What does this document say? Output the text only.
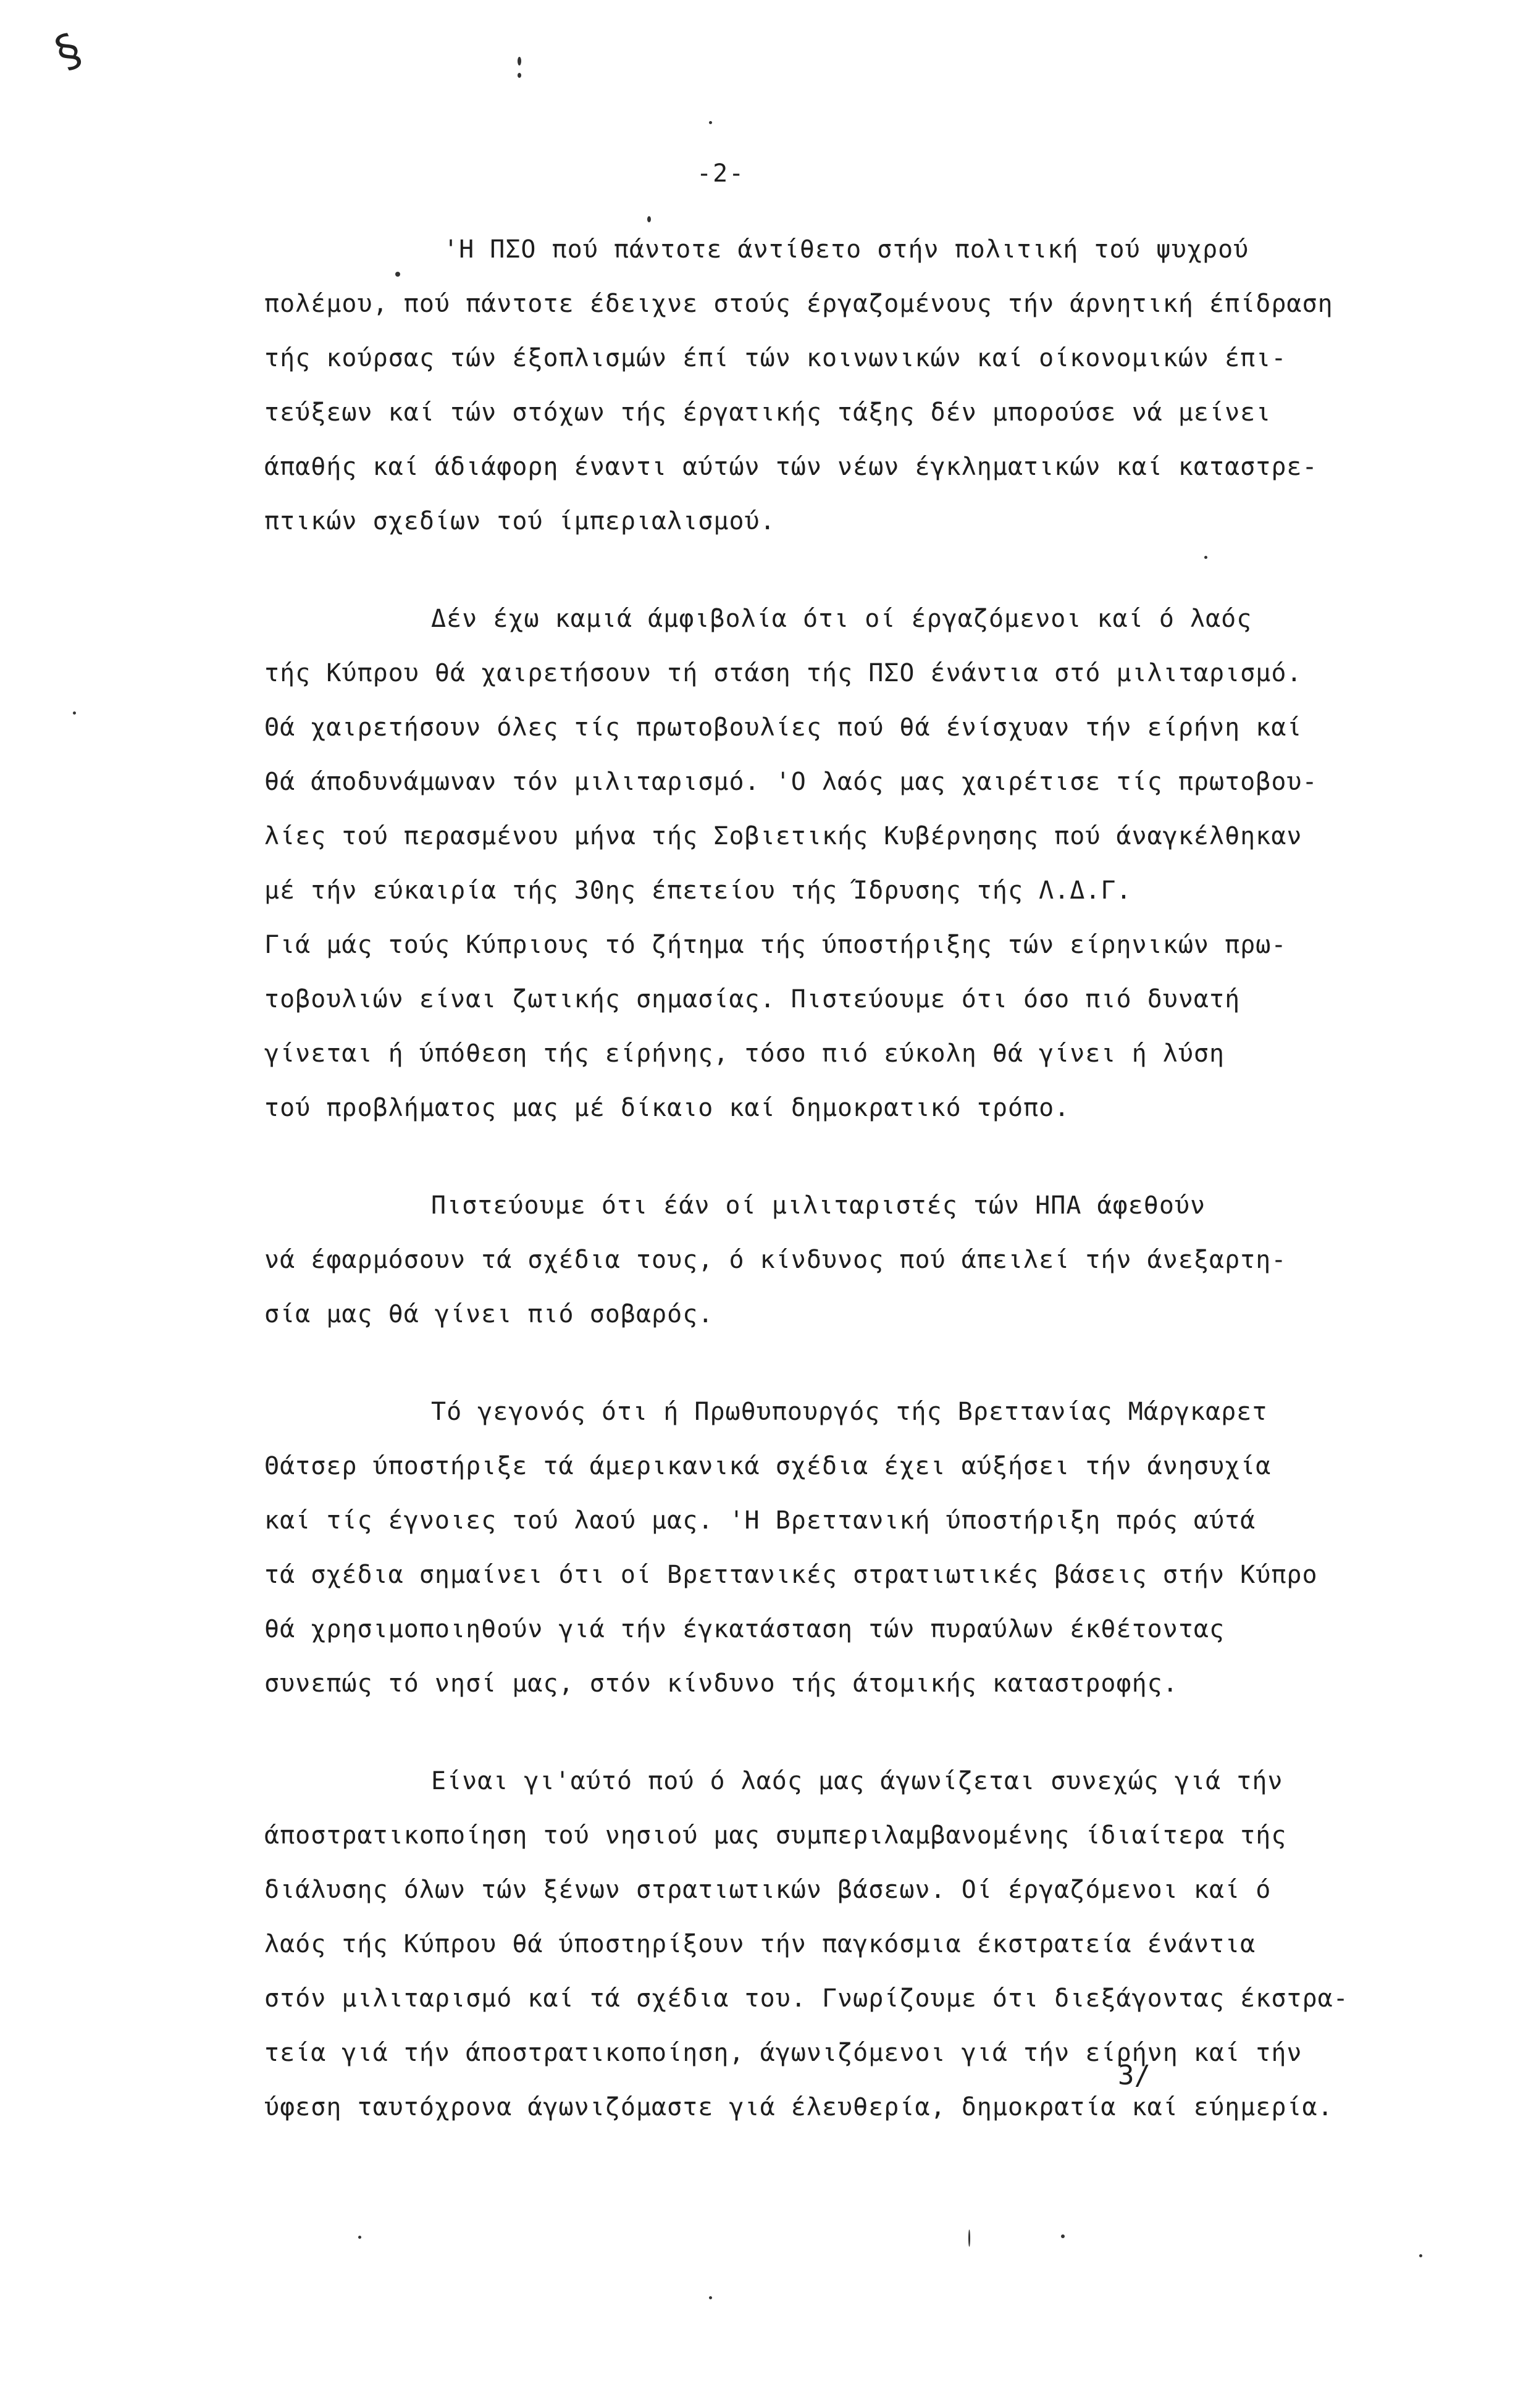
§
-2-

'Η ΠΣΟ πού πάντοτε άντίθετο στήν πολιτική τού ψυχρού
πολέμου, πού πάντοτε έδειχνε στούς έργαζομένους τήν άρνητική έπίδραση
τής κούρσας τών έξοπλισμών έπί τών κοινωνικών καί οίκονομικών έπι-
τεύξεων καί τών στόχων τής έργατικής τάξης δέν μπορούσε νά μείνει
άπαθής καί άδιάφορη έναντι αύτών τών νέων έγκληματικών καί καταστρε-
πτικών σχεδίων τού ίμπεριαλισμού.

Δέν έχω καμιά άμφιβολία ότι οί έργαζόμενοι καί ό λαός
τής Κύπρου θά χαιρετήσουν τή στάση τής ΠΣΟ ένάντια στό μιλιταρισμό.
Θά χαιρετήσουν όλες τίς πρωτοβουλίες πού θά ένίσχυαν τήν είρήνη καί
θά άποδυνάμωναν τόν μιλιταρισμό. 'Ο λαός μας χαιρέτισε τίς πρωτοβου-
λίες τού περασμένου μήνα τής Σοβιετικής Κυβέρνησης πού άναγκέλθηκαν
μέ τήν εύκαιρία τής 30ης έπετείου τής Ίδρυσης τής Λ.Δ.Γ.
Γιά μάς τούς Κύπριους τό ζήτημα τής ύποστήριξης τών είρηνικών πρω-
τοβουλιών είναι ζωτικής σημασίας. Πιστεύουμε ότι όσο πιό δυνατή
γίνεται ή ύπόθεση τής είρήνης, τόσο πιό εύκολη θά γίνει ή λύση
τού προβλήματος μας μέ δίκαιο καί δημοκρατικό τρόπο.

Πιστεύουμε ότι έάν οί μιλιταριστές τών ΗΠΑ άφεθούν
νά έφαρμόσουν τά σχέδια τους, ό κίνδυνος πού άπειλεί τήν άνεξαρτη-
σία μας θά γίνει πιό σοβαρός.

Τό γεγονός ότι ή Πρωθυπουργός τής Βρεττανίας Μάργκαρετ
Θάτσερ ύποστήριξε τά άμερικανικά σχέδια έχει αύξήσει τήν άνησυχία
καί τίς έγνοιες τού λαού μας. 'Η Βρεττανική ύποστήριξη πρός αύτά
τά σχέδια σημαίνει ότι οί Βρεττανικές στρατιωτικές βάσεις στήν Κύπρο
θά χρησιμοποιηθούν γιά τήν έγκατάσταση τών πυραύλων έκθέτοντας
συνεπώς τό νησί μας, στόν κίνδυνο τής άτομικής καταστροφής.

Είναι γι'αύτό πού ό λαός μας άγωνίζεται συνεχώς γιά τήν
άποστρατικοποίηση τού νησιού μας συμπεριλαμβανομένης ίδιαίτερα τής
διάλυσης όλων τών ξένων στρατιωτικών βάσεων. Οί έργαζόμενοι καί ό
λαός τής Κύπρου θά ύποστηρίξουν τήν παγκόσμια έκστρατεία ένάντια
στόν μιλιταρισμό καί τά σχέδια του. Γνωρίζουμε ότι διεξάγοντας έκστρα-
τεία γιά τήν άποστρατικοποίηση, άγωνιζόμενοι γιά τήν είρήνη καί τήν
ύφεση ταυτόχρονα άγωνιζόμαστε γιά έλευθερία, δημοκρατία καί εύημερία.

3/
